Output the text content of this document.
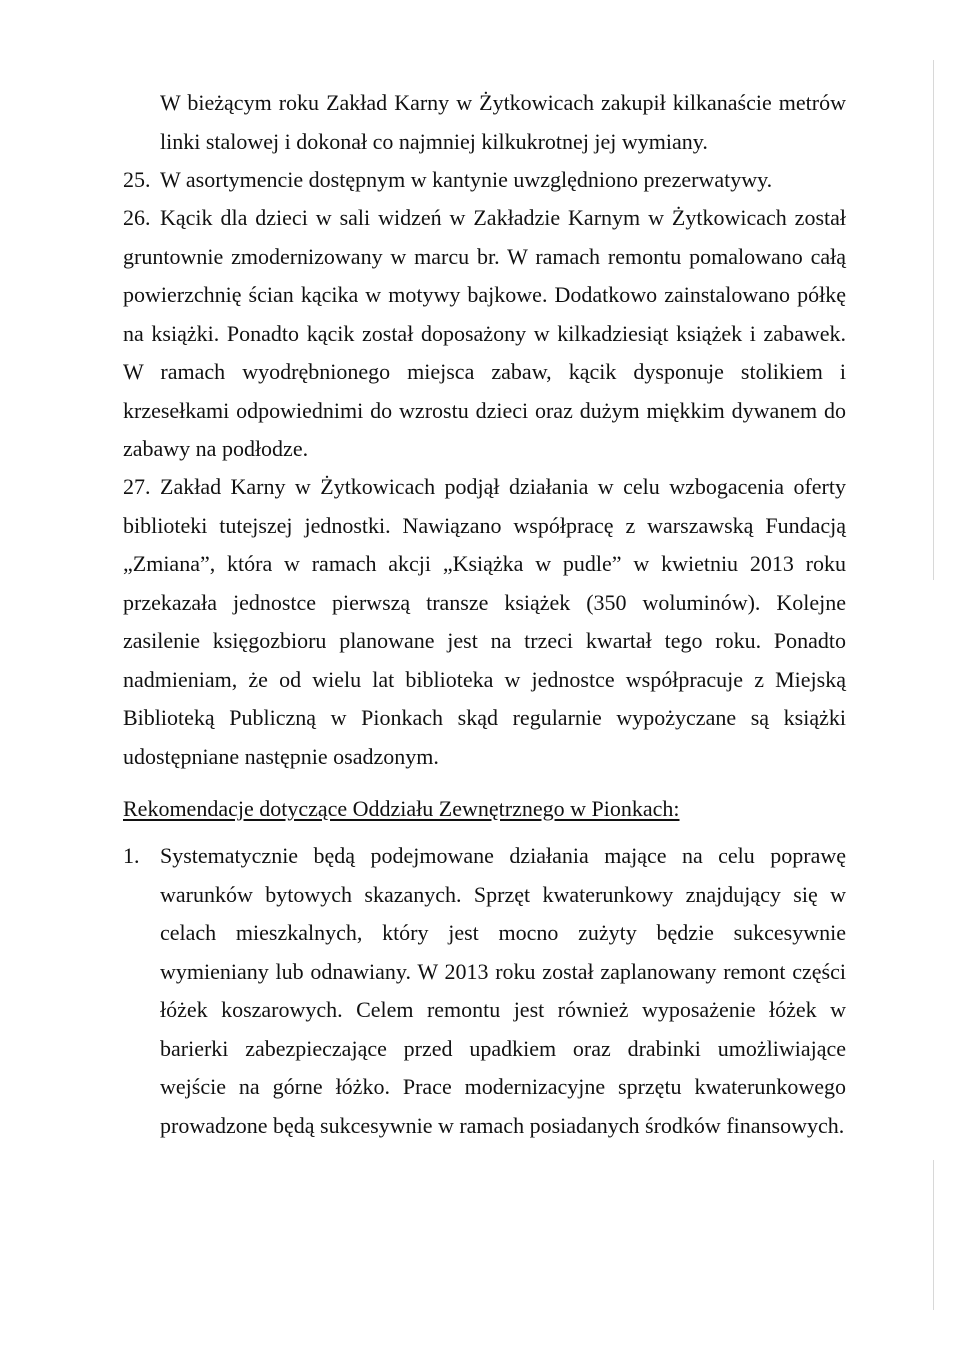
W bieżącym roku Zakład Karny w Żytkowicach zakupił kilkanaście metrów linki stalowej i dokonał co najmniej kilkukrotnej jej wymiany.

25. W asortymencie dostępnym w kantynie uwzględniono prezerwatywy.

26. Kącik dla dzieci w sali widzeń w Zakładzie Karnym w Żytkowicach został gruntownie zmodernizowany w marcu br. W ramach remontu pomalowano całą powierzchnię ścian kącika w motywy bajkowe. Dodatkowo zainstalowano półkę na książki. Ponadto kącik został doposażony w kilkadziesiąt książek i zabawek. W ramach wyodrębnionego miejsca zabaw, kącik dysponuje stolikiem i krzesełkami odpowiednimi do wzrostu dzieci oraz dużym miękkim dywanem do zabawy na podłodze.

27. Zakład Karny w Żytkowicach podjął działania w celu wzbogacenia oferty biblioteki tutejszej jednostki. Nawiązano współpracę z warszawską Fundacją „Zmiana”, która w ramach akcji „Książka w pudle” w kwietniu 2013 roku przekazała jednostce pierwszą transze książek (350 woluminów). Kolejne zasilenie księgozbioru planowane jest na trzeci kwartał tego roku. Ponadto nadmieniam, że od wielu lat biblioteka w jednostce współpracuje z Miejską Biblioteką Publiczną w Pionkach skąd regularnie wypożyczane są książki udostępniane następnie osadzonym.

Rekomendacje dotyczące Oddziału Zewnętrznego w Pionkach:

1. Systematycznie będą podejmowane działania mające na celu poprawę warunków bytowych skazanych. Sprzęt kwaterunkowy znajdujący się w celach mieszkalnych, który jest mocno zużyty będzie sukcesywnie wymieniany lub odnawiany. W 2013 roku został zaplanowany remont części łóżek koszarowych. Celem remontu jest również wyposażenie łóżek w barierki zabezpieczające przed upadkiem oraz drabinki umożliwiające wejście na górne łóżko. Prace modernizacyjne sprzętu kwaterunkowego prowadzone będą sukcesywnie w ramach posiadanych środków finansowych.
